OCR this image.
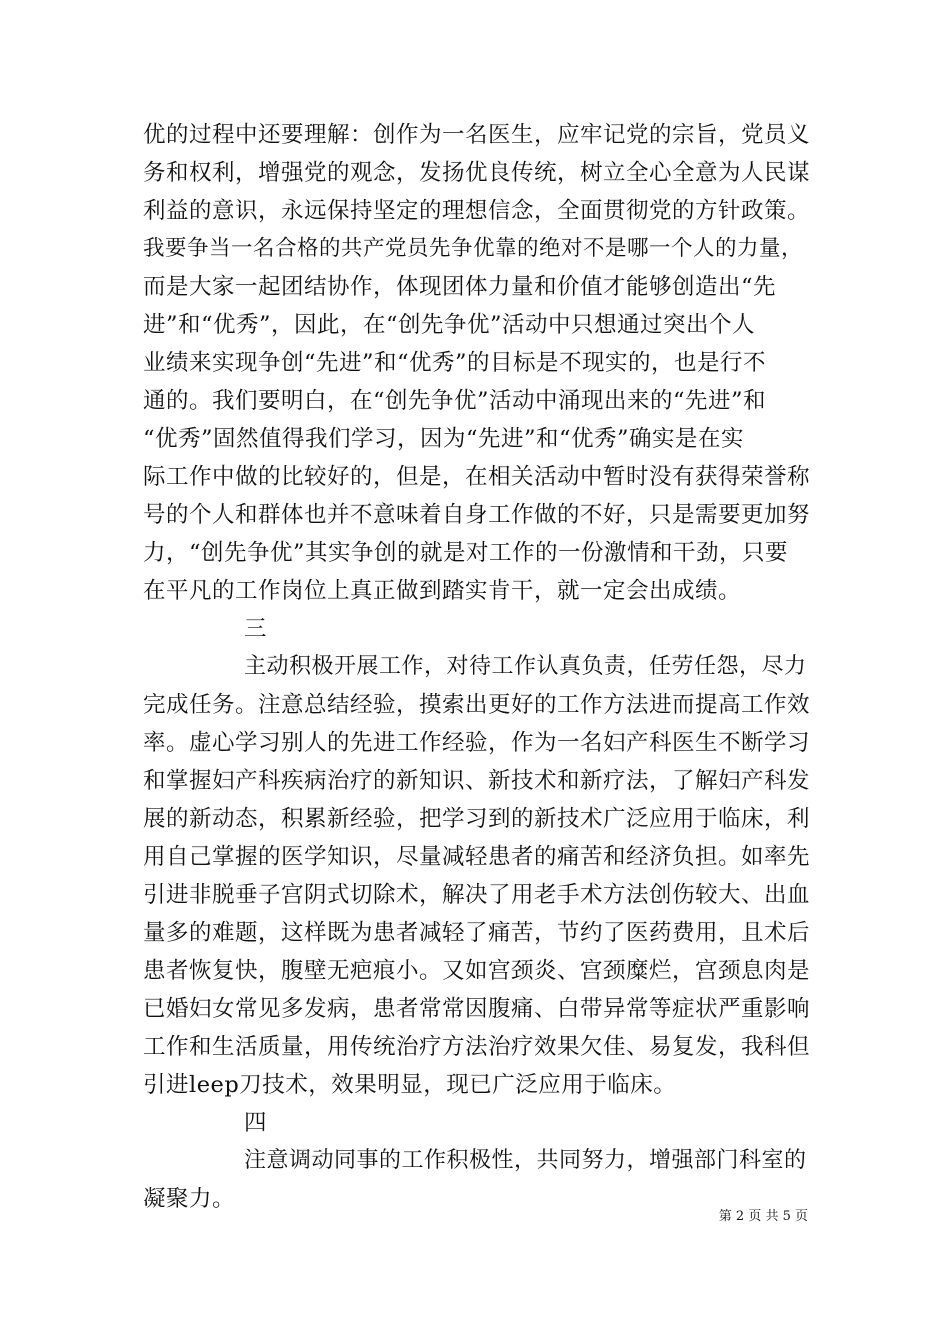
优的过程中还要理解：创作为一名医生，应牢记党的宗旨，党员义
务和权利，增强党的观念，发扬优良传统，树立全心全意为人民谋
利益的意识，永远保持坚定的理想信念，全面贯彻党的方针政策。
我要争当一名合格的共产党员先争优靠的绝对不是哪一个人的力量，
而是大家一起团结协作，体现团体力量和价值才能够创造出“先
进”和“优秀”，因此，在“创先争优”活动中只想通过突出个人
业绩来实现争创“先进”和“优秀”的目标是不现实的，也是行不
通的。我们要明白，在“创先争优”活动中涌现出来的“先进”和
“优秀”固然值得我们学习，因为“先进”和“优秀”确实是在实
际工作中做的比较好的，但是，在相关活动中暂时没有获得荣誉称
号的个人和群体也并不意味着自身工作做的不好，只是需要更加努
力，“创先争优”其实争创的就是对工作的一份激情和干劲，只要
在平凡的工作岗位上真正做到踏实肯干，就一定会出成绩。
三
主动积极开展工作，对待工作认真负责，任劳任怨，尽力
完成任务。注意总结经验，摸索出更好的工作方法进而提高工作效
率。虚心学习别人的先进工作经验，作为一名妇产科医生不断学习
和掌握妇产科疾病治疗的新知识、新技术和新疗法，了解妇产科发
展的新动态，积累新经验，把学习到的新技术广泛应用于临床，利
用自己掌握的医学知识，尽量减轻患者的痛苦和经济负担。如率先
引进非脱垂子宫阴式切除术，解决了用老手术方法创伤较大、出血
量多的难题，这样既为患者减轻了痛苦，节约了医药费用，且术后
患者恢复快，腹壁无疤痕小。又如宫颈炎、宫颈糜烂，宫颈息肉是
已婚妇女常见多发病，患者常常因腹痛、白带异常等症状严重影响
工作和生活质量，用传统治疗方法治疗效果欠佳、易复发，我科但
引进leep刀技术，效果明显，现已广泛应用于临床。
四
注意调动同事的工作积极性，共同努力，增强部门科室的
凝聚力。
第 2 页 共 5 页
